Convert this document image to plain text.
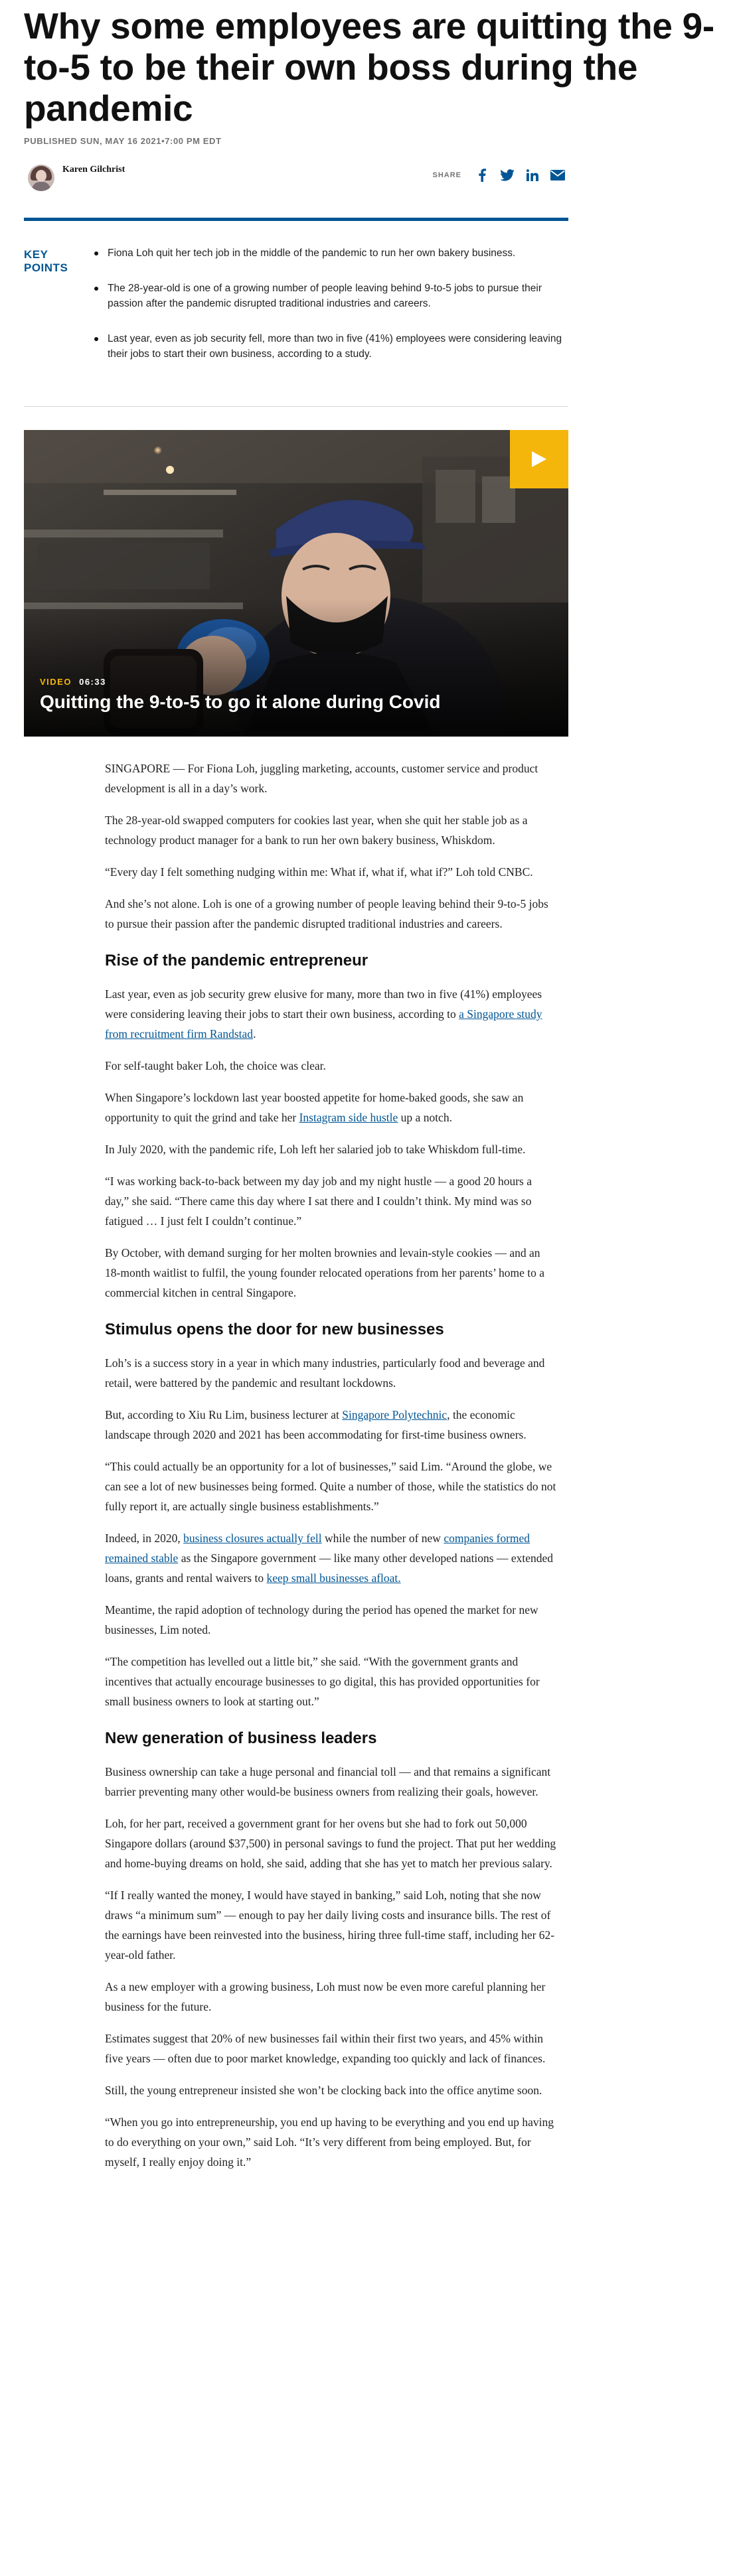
Why some employees are quitting the 9-to-5 to be their own boss during the pandemic
PUBLISHED SUN, MAY 16 2021•7:00 PM EDT
Karen Gilchrist
SHARE
KEY POINTS
Fiona Loh quit her tech job in the middle of the pandemic to run her own bakery business.
The 28-year-old is one of a growing number of people leaving behind 9-to-5 jobs to pursue their passion after the pandemic disrupted traditional industries and careers.
Last year, even as job security fell, more than two in five (41%) employees were considering leaving their jobs to start their own business, according to a study.
VIDEO 06:33
Quitting the 9-to-5 to go it alone during Covid

SINGAPORE — For Fiona Loh, juggling marketing, accounts, customer service and product development is all in a day’s work.

The 28-year-old swapped computers for cookies last year, when she quit her stable job as a technology product manager for a bank to run her own bakery business, Whiskdom.

“Every day I felt something nudging within me: What if, what if, what if?” Loh told CNBC.

And she’s not alone. Loh is one of a growing number of people leaving behind their 9-to-5 jobs to pursue their passion after the pandemic disrupted traditional industries and careers.

Rise of the pandemic entrepreneur

Last year, even as job security grew elusive for many, more than two in five (41%) employees were considering leaving their jobs to start their own business, according to a Singapore study from recruitment firm Randstad.

For self-taught baker Loh, the choice was clear.

When Singapore’s lockdown last year boosted appetite for home-baked goods, she saw an opportunity to quit the grind and take her Instagram side hustle up a notch.

In July 2020, with the pandemic rife, Loh left her salaried job to take Whiskdom full-time.

“I was working back-to-back between my day job and my night hustle — a good 20 hours a day,” she said. “There came this day where I sat there and I couldn’t think. My mind was so fatigued … I just felt I couldn’t continue.”

By October, with demand surging for her molten brownies and levain-style cookies — and an 18-month waitlist to fulfil, the young founder relocated operations from her parents’ home to a commercial kitchen in central Singapore.

Stimulus opens the door for new businesses

Loh’s is a success story in a year in which many industries, particularly food and beverage and retail, were battered by the pandemic and resultant lockdowns.

But, according to Xiu Ru Lim, business lecturer at Singapore Polytechnic, the economic landscape through 2020 and 2021 has been accommodating for first-time business owners.

“This could actually be an opportunity for a lot of businesses,” said Lim. “Around the globe, we can see a lot of new businesses being formed. Quite a number of those, while the statistics do not fully report it, are actually single business establishments.”

Indeed, in 2020, business closures actually fell while the number of new companies formed remained stable as the Singapore government — like many other developed nations — extended loans, grants and rental waivers to keep small businesses afloat.

Meantime, the rapid adoption of technology during the period has opened the market for new businesses, Lim noted.

“The competition has levelled out a little bit,” she said. “With the government grants and incentives that actually encourage businesses to go digital, this has provided opportunities for small business owners to look at starting out.”

New generation of business leaders

Business ownership can take a huge personal and financial toll — and that remains a significant barrier preventing many other would-be business owners from realizing their goals, however.

Loh, for her part, received a government grant for her ovens but she had to fork out 50,000 Singapore dollars (around $37,500) in personal savings to fund the project. That put her wedding and home-buying dreams on hold, she said, adding that she has yet to match her previous salary.

“If I really wanted the money, I would have stayed in banking,” said Loh, noting that she now draws “a minimum sum” — enough to pay her daily living costs and insurance bills. The rest of the earnings have been reinvested into the business, hiring three full-time staff, including her 62-year-old father.

As a new employer with a growing business, Loh must now be even more careful planning her business for the future.

Estimates suggest that 20% of new businesses fail within their first two years, and 45% within five years — often due to poor market knowledge, expanding too quickly and lack of finances.

Still, the young entrepreneur insisted she won’t be clocking back into the office anytime soon.

“When you go into entrepreneurship, you end up having to be everything and you end up having to do everything on your own,” said Loh. “It’s very different from being employed. But, for myself, I really enjoy doing it.”
